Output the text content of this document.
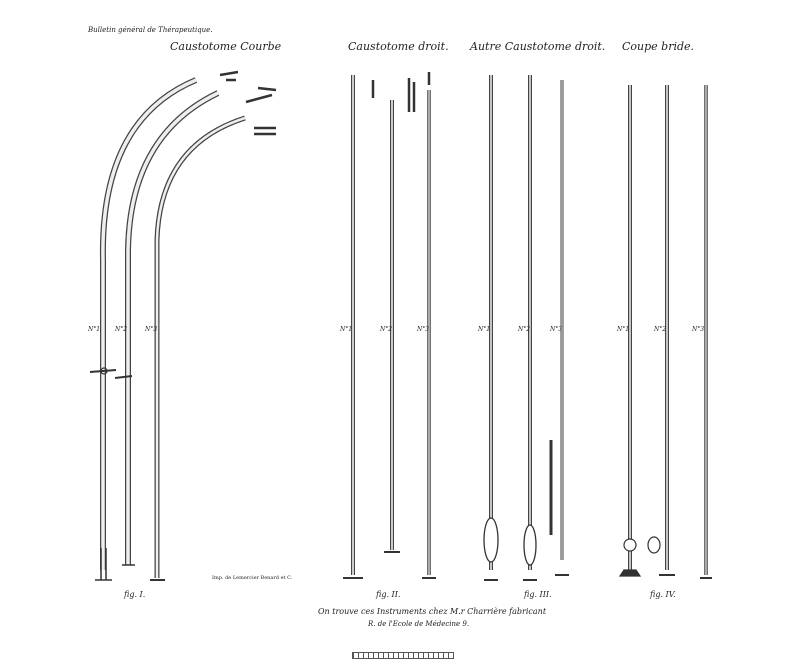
Bulletin général de Thérapeutique.
Caustotome Courbe	Caustotome droit. Autre Caustotome droit. Coupe bride.
N°1 N°2	N°3	N°1	N°2	N°3	N°1	N°2	N°3	N°1	N°2	N°3
fig. I.	fig. II.	fig. III.	fig. IV.
Imp. de Lemercier Benard et C.
On trouve ces Instruments chez M.r Charrière fabricant
R. de l'Ecole de Médecine 9.
